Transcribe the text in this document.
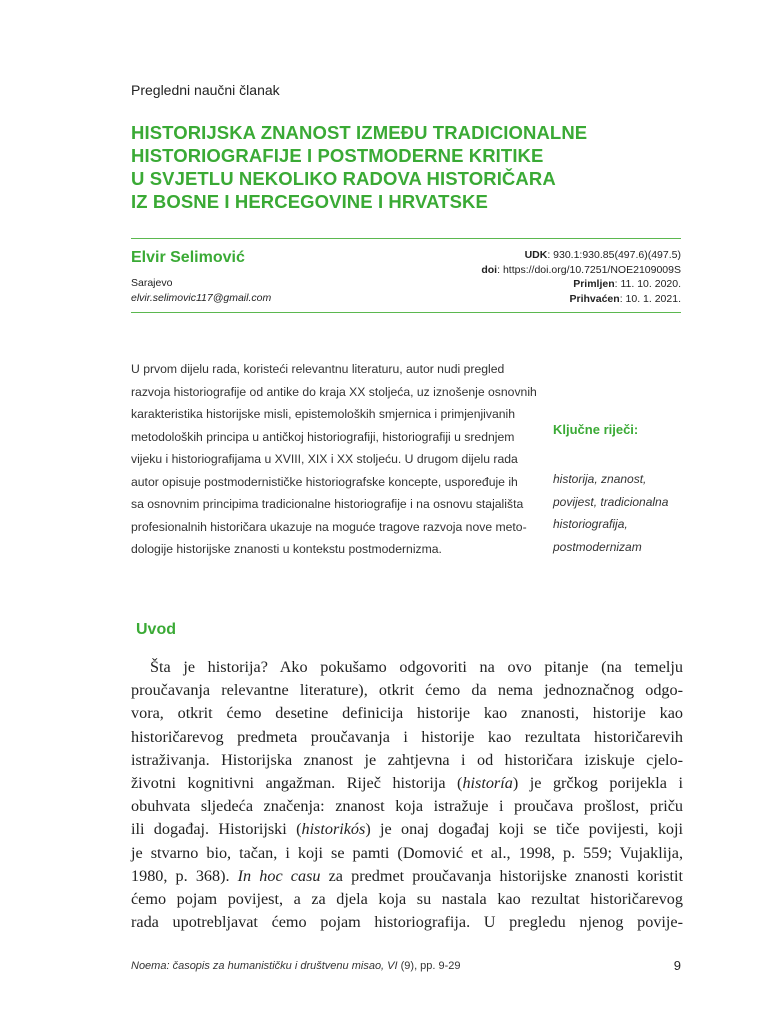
Pregledni naučni članak
HISTORIJSKA ZNANOST IZMEĐU TRADICIONALNE
HISTORIOGRAFIJE I POSTMODERNE KRITIKE
U SVJETLU NEKOLIKO RADOVA HISTORIČARA
IZ BOSNE I HERCEGOVINE I HRVATSKE
Elvir Selimović
Sarajevo
elvir.selimovic117@gmail.com
UDK: 930.1:930.85(497.6)(497.5)
doi: https://doi.org/10.7251/NOE2109009S
Primljen: 11. 10. 2020.
Prihvaćen: 10. 1. 2021.
U prvom dijelu rada, koristeći relevantnu literaturu, autor nudi pregled
razvoja historiografije od antike do kraja XX stoljeća, uz iznošenje osnovnih
karakteristika historijske misli, epistemoloških smjernica i primjenjivanih
metodoloških principa u antičkoj historiografiji, historiografiji u srednjem
vijeku i historiografijama u XVIII, XIX i XX stoljeću. U drugom dijelu rada
autor opisuje postmodernističke historiografske koncepte, uspoređuje ih
sa osnovnim principima tradicionalne historiografije i na osnovu stajališta
profesionalnih historičara ukazuje na moguće tragove razvoja nove meto-
dologije historijske znanosti u kontekstu postmodernizma.
Ključne riječi:
historija, znanost,
povijest, tradicionalna
historiografija,
postmodernizam
Uvod
Šta je historija? Ako pokušamo odgovoriti na ovo pitanje (na temelju
proučavanja relevantne literature), otkrit ćemo da nema jednoznačnog odgo-
vora, otkrit ćemo desetine definicija historije kao znanosti, historije kao
historičarevog predmeta proučavanja i historije kao rezultata historičarevih
istraživanja. Historijska znanost je zahtjevna i od historičara iziskuje cjelo-
životni kognitivni angažman. Riječ historija (historía) je grčkog porijekla i
obuhvata sljedeća značenja: znanost koja istražuje i proučava prošlost, priču
ili događaj. Historijski (historikós) je onaj događaj koji se tiče povijesti, koji
je stvarno bio, tačan, i koji se pamti (Domović et al., 1998, p. 559; Vujaklija,
1980, p. 368). In hoc casu za predmet proučavanja historijske znanosti koristit
ćemo pojam povijest, a za djela koja su nastala kao rezultat historičarevog
rada upotrebljavat ćemo pojam historiografija. U pregledu njenog povije-
Noema: časopis za humanističku i društvenu misao, VI (9), pp. 9-29	9
